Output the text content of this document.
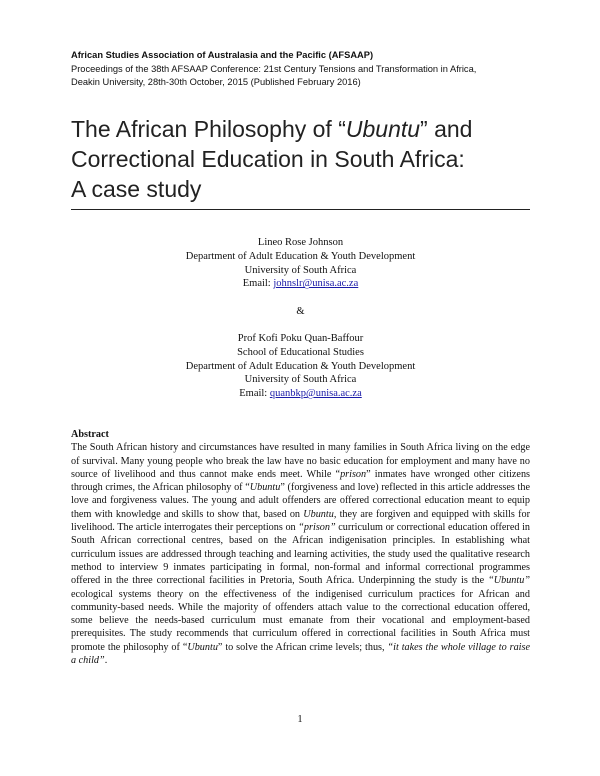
African Studies Association of Australasia and the Pacific (AFSAAP)
Proceedings of the 38th AFSAAP Conference: 21st Century Tensions and Transformation in Africa,
Deakin University, 28th-30th October, 2015 (Published February 2016)
The African Philosophy of “Ubuntu” and
Correctional Education in South Africa:
A case study
Lineo Rose Johnson
Department of Adult Education & Youth Development
University of South Africa
Email: johnslr@unisa.ac.za
&
Prof Kofi Poku Quan-Baffour
School of Educational Studies
Department of Adult Education & Youth Development
University of South Africa
Email: quanbkp@unisa.ac.za
Abstract

The South African history and circumstances have resulted in many families in South Africa living on the edge of survival. Many young people who break the law have no basic education for employment and many have no source of livelihood and thus cannot make ends meet. While “prison” inmates have wronged other citizens through crimes, the African philosophy of “Ubuntu” (forgiveness and love) reflected in this article addresses the love and forgiveness values. The young and adult offenders are offered correctional education meant to equip them with knowledge and skills to show that, based on Ubuntu, they are forgiven and equipped with skills for livelihood. The article interrogates their perceptions on “prison” curriculum or correctional education offered in South African correctional centres, based on the African indigenisation principles. In establishing what curriculum issues are addressed through teaching and learning activities, the study used the qualitative research method to interview 9 inmates participating in formal, non-formal and informal correctional programmes offered in the three correctional facilities in Pretoria, South Africa. Underpinning the study is the “Ubuntu” ecological systems theory on the effectiveness of the indigenised curriculum practices for African and community-based needs. While the majority of offenders attach value to the correctional education offered, some believe the needs-based curriculum must emanate from their vocational and employment-based prerequisites. The study recommends that curriculum offered in correctional facilities in South Africa must promote the philosophy of “Ubuntu” to solve the African crime levels; thus, “it takes the whole village to raise a child”.

1
